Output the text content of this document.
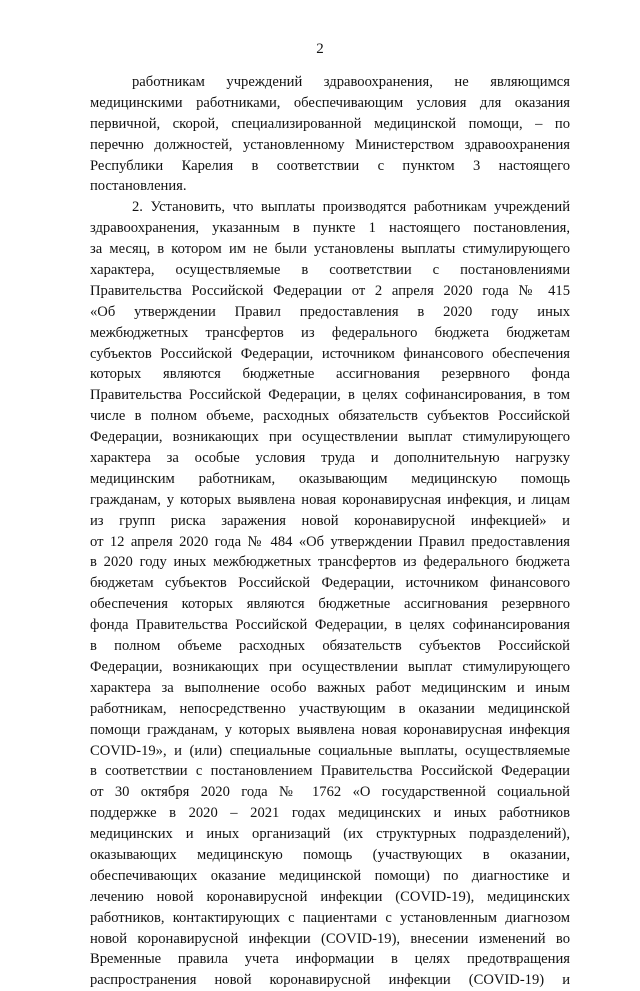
2
работникам учреждений здравоохранения, не являющимся
медицинскими работниками, обеспечивающим условия для оказания
первичной, скорой, специализированной медицинской помощи, – по
перечню должностей, установленному Министерством здравоохранения
Республики Карелия в соответствии с пунктом 3 настоящего
постановления.
2. Установить, что выплаты производятся работникам учреждений
здравоохранения, указанным в пункте 1 настоящего постановления,
за месяц, в котором им не были установлены выплаты стимулирующего
характера, осуществляемые в соответствии с постановлениями
Правительства Российской Федерации от 2 апреля 2020 года № 415
«Об утверждении Правил предоставления в 2020 году иных
межбюджетных трансфертов из федерального бюджета бюджетам
субъектов Российской Федерации, источником финансового обеспечения
которых являются бюджетные ассигнования резервного фонда
Правительства Российской Федерации, в целях софинансирования, в том
числе в полном объеме, расходных обязательств субъектов Российской
Федерации, возникающих при осуществлении выплат стимулирующего
характера за особые условия труда и дополнительную нагрузку
медицинским работникам, оказывающим медицинскую помощь
гражданам, у которых выявлена новая коронавирусная инфекция, и лицам
из групп риска заражения новой коронавирусной инфекцией» и
от 12 апреля 2020 года № 484 «Об утверждении Правил предоставления
в 2020 году иных межбюджетных трансфертов из федерального бюджета
бюджетам субъектов Российской Федерации, источником финансового
обеспечения которых являются бюджетные ассигнования резервного
фонда Правительства Российской Федерации, в целях софинансирования
в полном объеме расходных обязательств субъектов Российской
Федерации, возникающих при осуществлении выплат стимулирующего
характера за выполнение особо важных работ медицинским и иным
работникам, непосредственно участвующим в оказании медицинской
помощи гражданам, у которых выявлена новая коронавирусная инфекция
COVID-19», и (или) специальные социальные выплаты, осуществляемые
в соответствии с постановлением Правительства Российской Федерации
от 30 октября 2020 года № 1762 «О государственной социальной
поддержке в 2020 – 2021 годах медицинских и иных работников
медицинских и иных организаций (их структурных подразделений),
оказывающих медицинскую помощь (участвующих в оказании,
обеспечивающих оказание медицинской помощи) по диагностике и
лечению новой коронавирусной инфекции (COVID-19), медицинских
работников, контактирующих с пациентами с установленным диагнозом
новой коронавирусной инфекции (COVID-19), внесении изменений во
Временные правила учета информации в целях предотвращения
распространения новой коронавирусной инфекции (COVID-19) и
